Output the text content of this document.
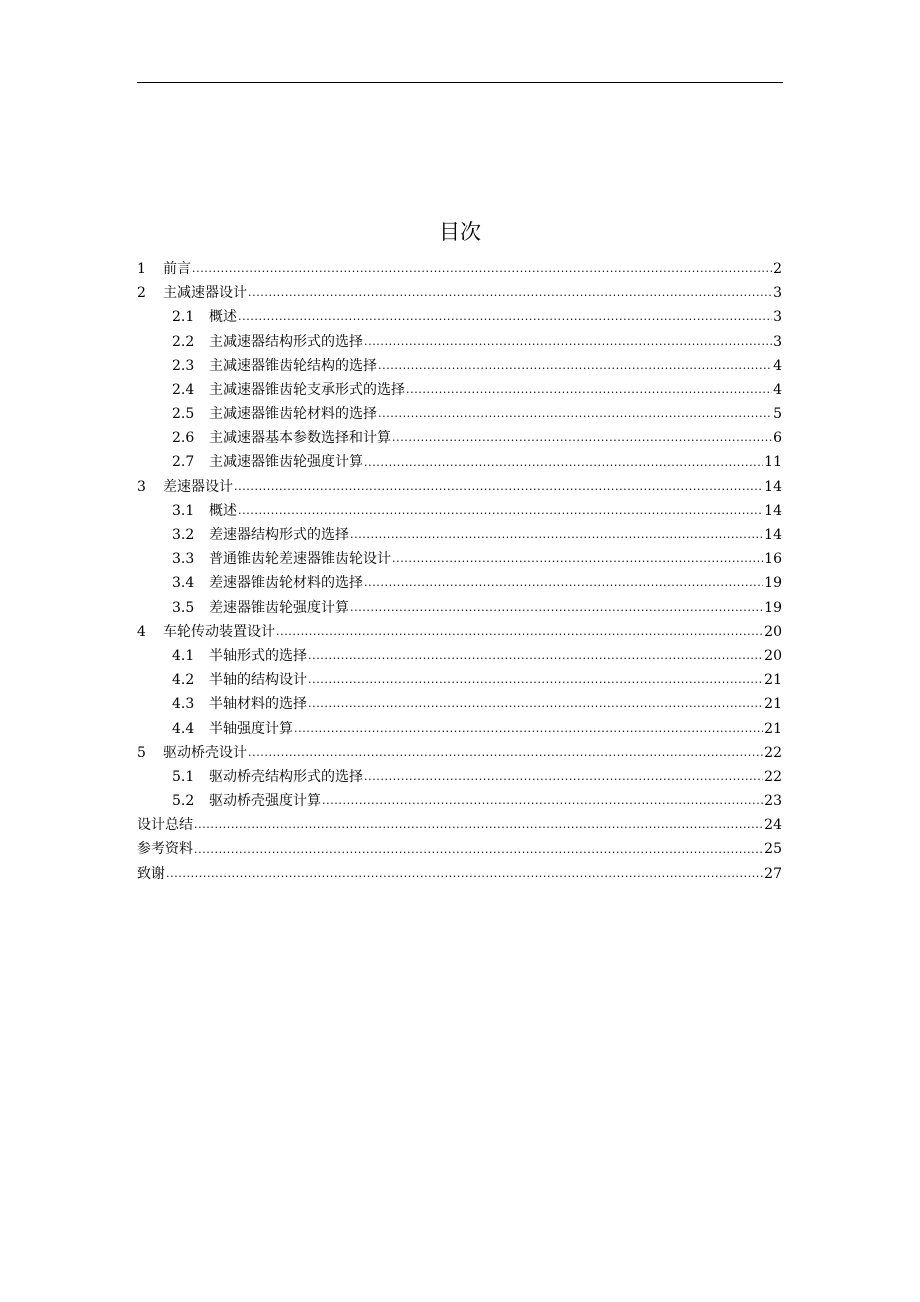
目次
1	前言 .....	2
2	主减速器设计 .....	3
2.1	概述 .....	3
2.2	主减速器结构形式的选择 .....	3
2.3	主减速器锥齿轮结构的选择 .....	4
2.4	主减速器锥齿轮支承形式的选择 .....	4
2.5	主减速器锥齿轮材料的选择 .....	5
2.6	主减速器基本参数选择和计算 .....	6
2.7	主减速器锥齿轮强度计算 .....	11
3	差速器设计 .....	14
3.1	概述 .....	14
3.2	差速器结构形式的选择 .....	14
3.3	普通锥齿轮差速器锥齿轮设计 .....	16
3.4	差速器锥齿轮材料的选择 .....	19
3.5	差速器锥齿轮强度计算 .....	19
4	车轮传动装置设计 .....	20
4.1	半轴形式的选择 .....	20
4.2	半轴的结构设计 .....	21
4.3	半轴材料的选择 .....	21
4.4	半轴强度计算 .....	21
5	驱动桥壳设计 .....	22
5.1	驱动桥壳结构形式的选择 .....	22
5.2	驱动桥壳强度计算 .....	23
设计总结 .....	24
参考资料 .....	25
致谢 .....	27
